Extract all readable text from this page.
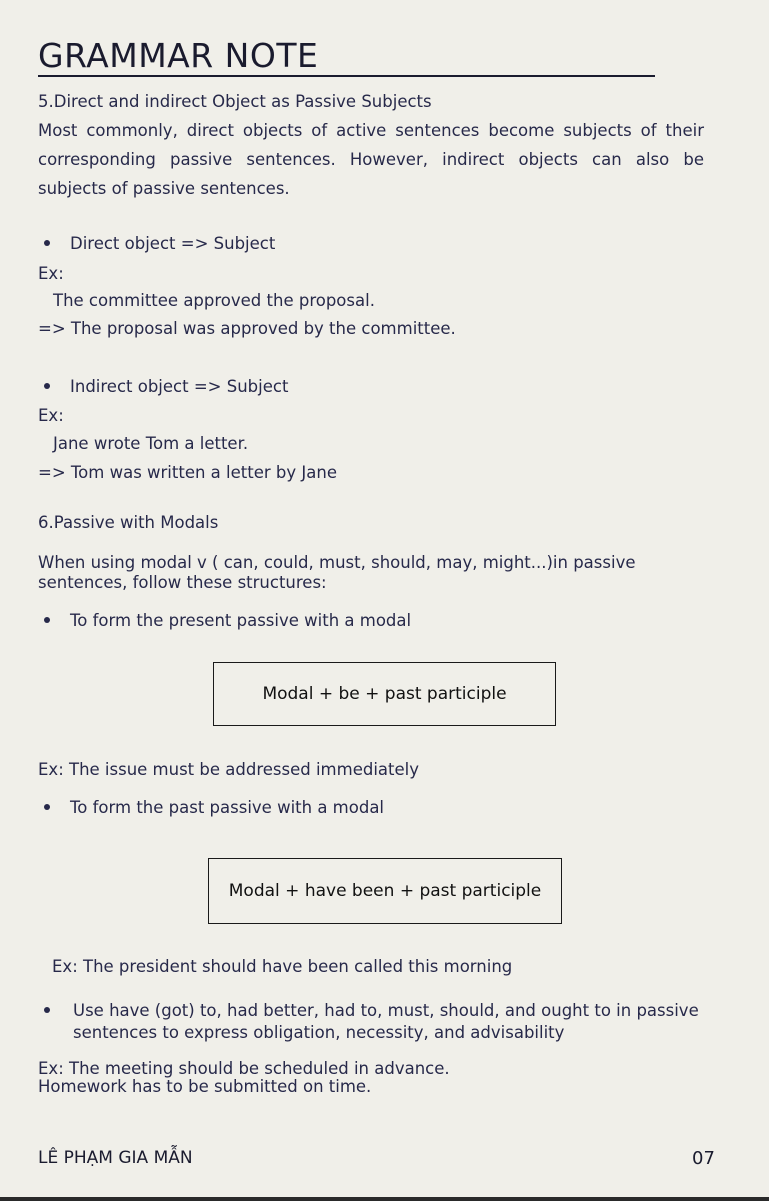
GRAMMAR NOTE
5.Direct and indirect Object as Passive Subjects
Most commonly, direct objects of active sentences become subjects of their corresponding passive sentences. However, indirect objects can also be subjects of passive sentences.
Direct object => Subject
Ex:
The committee approved the proposal.
=> The proposal was approved by the committee.
Indirect object => Subject
Ex:
Jane wrote Tom a letter.
=> Tom was written a letter by Jane
6.Passive with Modals
When using modal v ( can, could, must, should, may, might...)in passive sentences, follow these structures:
To form the present passive with a modal
Modal + be + past participle
Ex: The issue must be addressed immediately
To form the past passive with a modal
Modal + have been + past participle
Ex: The president should have been called this morning
Use have (got) to, had better, had to, must, should, and ought to in passive sentences to express obligation, necessity, and advisability
Ex: The meeting should be scheduled in advance.
Homework has to be submitted on time.
LÊ PHẠM GIA MẪN	07
